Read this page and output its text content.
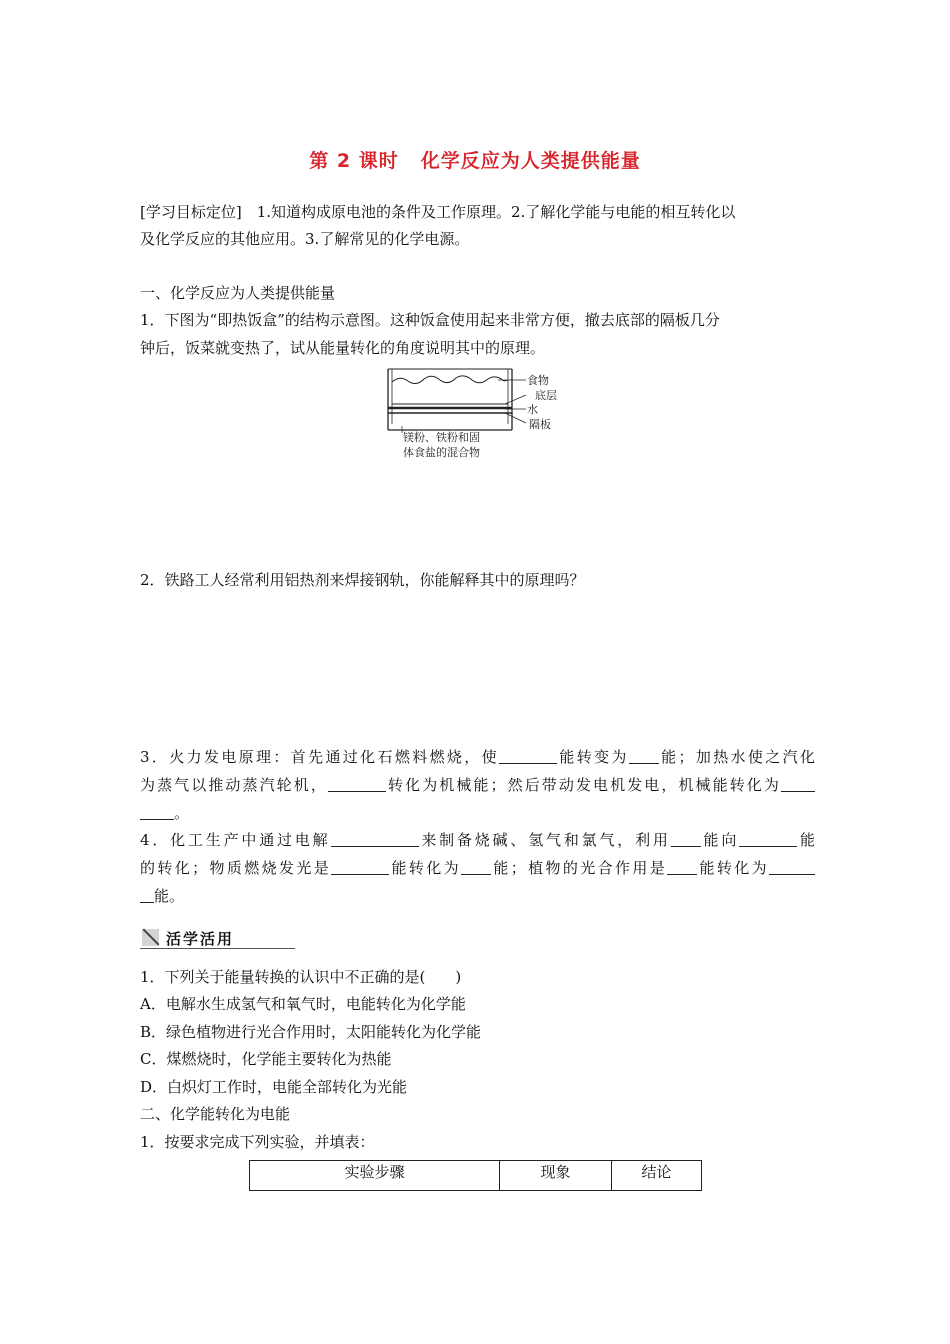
第 2 课时 化学反应为人类提供能量
[学习目标定位]　1.知道构成原电池的条件及工作原理。2.了解化学能与电能的相互转化以
及化学反应的其他应用。3.了解常见的化学电源。
一、化学反应为人类提供能量
1．下图为“即热饭盒”的结构示意图。这种饭盒使用起来非常方便，撤去底部的隔板几分
钟后，饭菜就变热了，试从能量转化的角度说明其中的原理。
食物
底层
水
隔板
镁粉、铁粉和固
体食盐的混合物
2．铁路工人经常利用铝热剂来焊接钢轨，你能解释其中的原理吗？
3．火力发电原理：首先通过化石燃料燃烧，使	能转变为 能；加热水使之汽化
为蒸气以推动蒸汽轮机，	转化为机械能；然后带动发电机发电，机械能转化为
。
4．化工生产中通过电解	来制备烧碱、氢气和氯气，利用 能向	能
的转化；物质燃烧发光是	能转化为 能；植物的光合作用是 能转化为
能。
活学活用
1．下列关于能量转换的认识中不正确的是(　　)
A．电解水生成氢气和氧气时，电能转化为化学能
B．绿色植物进行光合作用时，太阳能转化为化学能
C．煤燃烧时，化学能主要转化为热能
D．白炽灯工作时，电能全部转化为光能
二、化学能转化为电能
1．按要求完成下列实验，并填表：
实验步骤	现象	结论
